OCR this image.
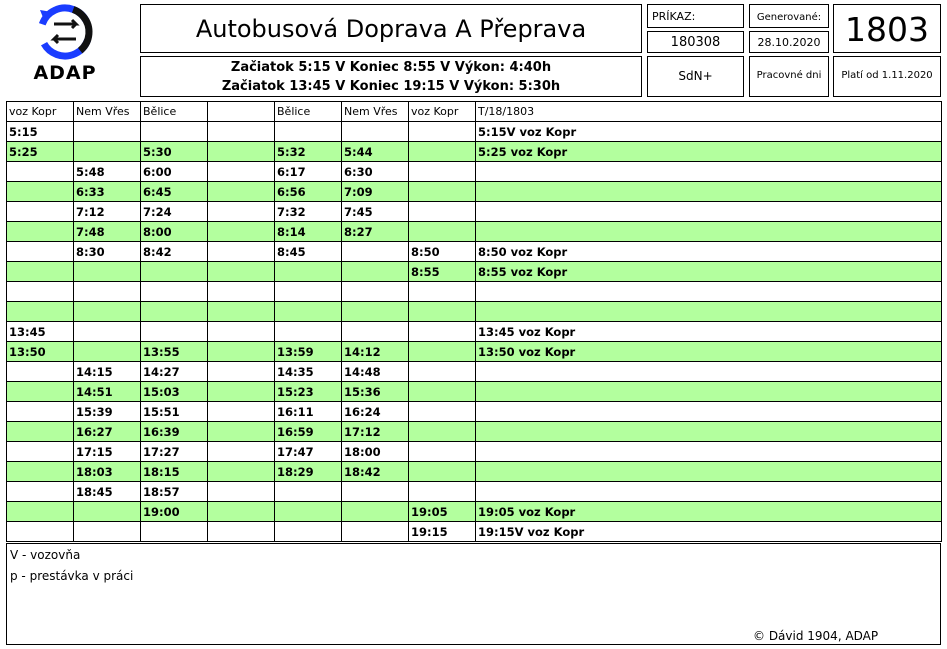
ADAP
Autobusová Doprava A Přeprava
Začiatok 5:15 V Koniec 8:55 V Výkon: 4:40h
Začiatok 13:45 V Koniec 19:15 V Výkon: 5:30h
PRÍKAZ:
180308
Generované:
28.10.2020 1803
SdN+	Pracovné dni	Platí od 1.11.2020
voz Kopr	Nem Vřes	Bělice		Bělice	Nem Vřes	voz Kopr	T/18/1803
5:15							5:15V voz Kopr
5:25		5:30		5:32	5:44		5:25 voz Kopr
	5:48	6:00		6:17	6:30		
	6:33	6:45		6:56	7:09		
	7:12	7:24		7:32	7:45		
	7:48	8:00		8:14	8:27		
	8:30	8:42		8:45		8:50	8:50 voz Kopr
						8:55	8:55 voz Kopr

13:45							13:45 voz Kopr
13:50		13:55		13:59	14:12		13:50 voz Kopr
	14:15	14:27		14:35	14:48		
	14:51	15:03		15:23	15:36		
	15:39	15:51		16:11	16:24		
	16:27	16:39		16:59	17:12		
	17:15	17:27		17:47	18:00		
	18:03	18:15		18:29	18:42		
	18:45	18:57					
		19:00				19:05	19:05 voz Kopr
						19:15	19:15V voz Kopr
V - vozovňa
p - prestávka v práci
© Dávid 1904, ADAP
